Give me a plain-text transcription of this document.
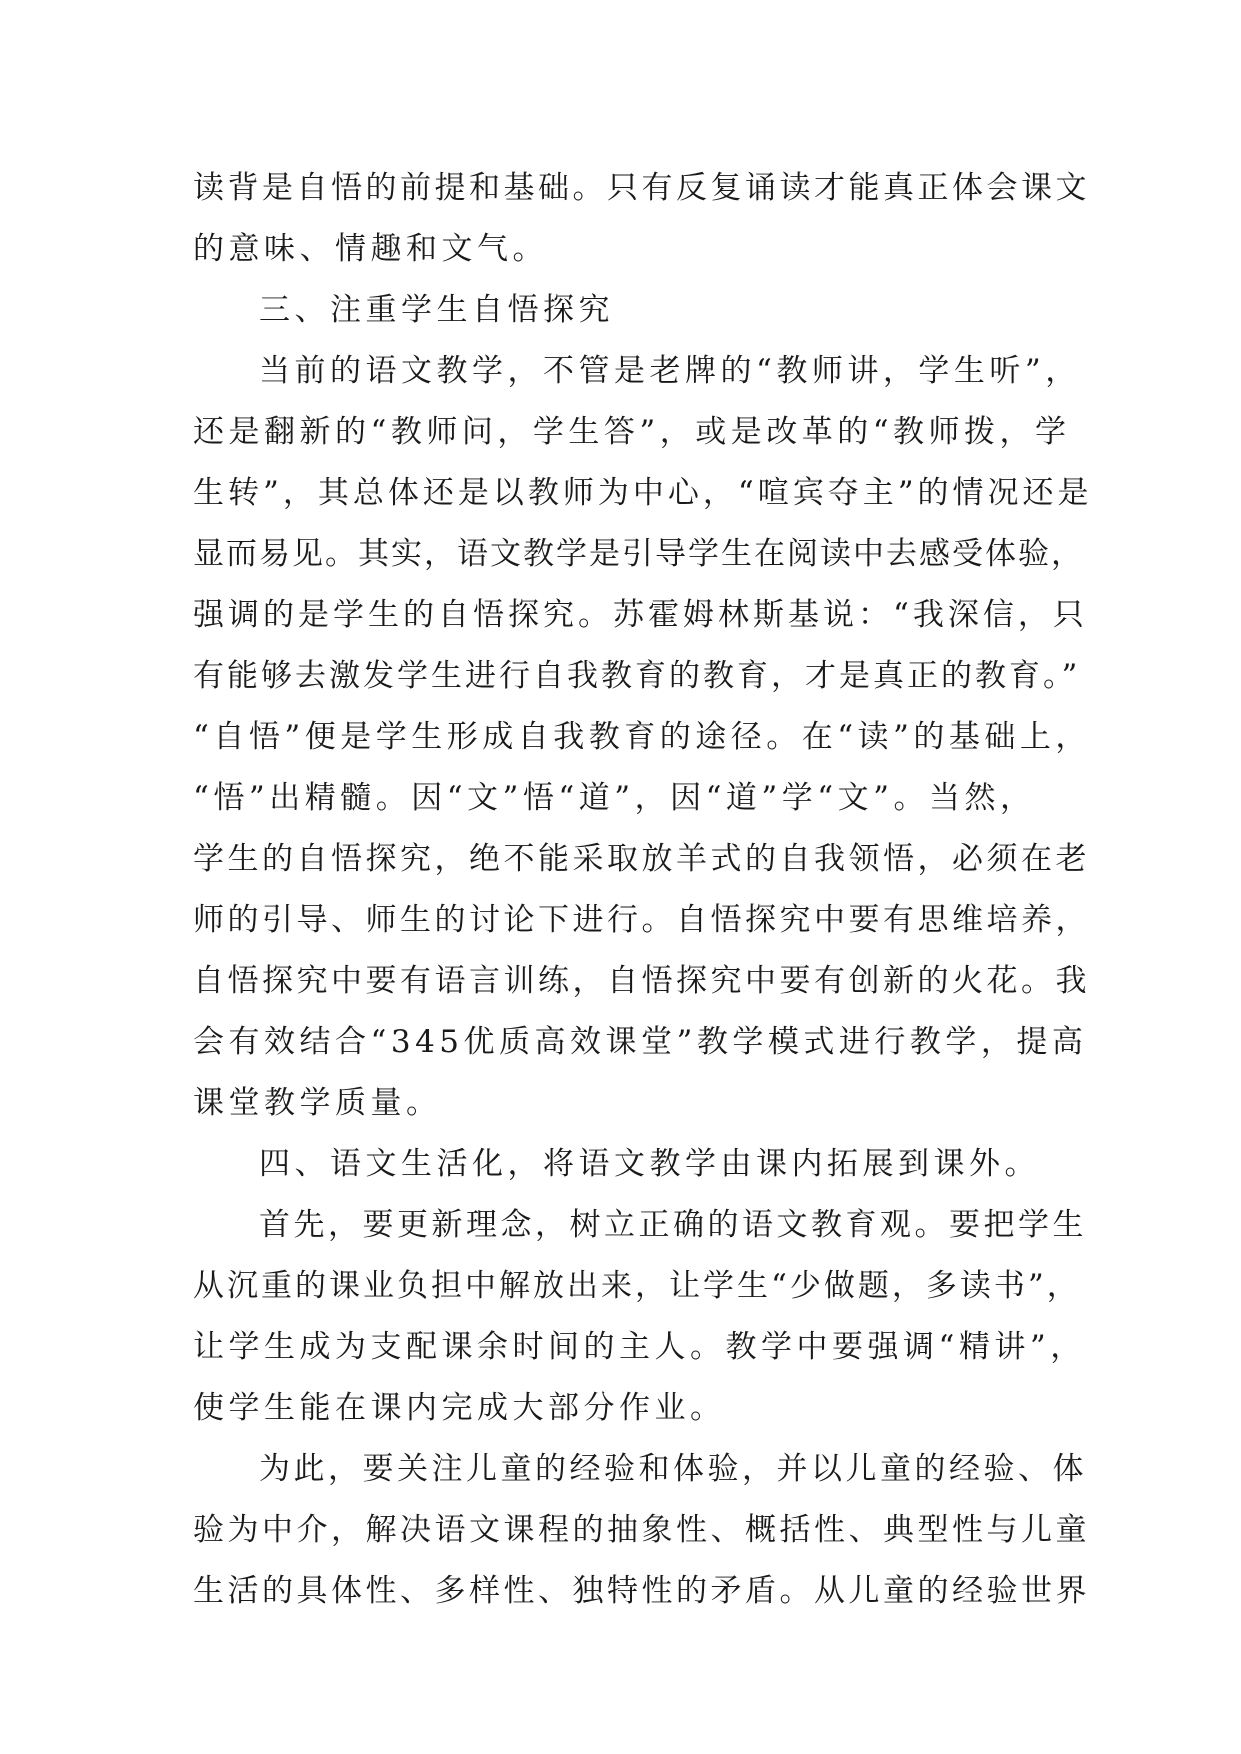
读背是自悟的前提和基础。只有反复诵读才能真正体会课文

的意味、情趣和文气。

三、注重学生自悟探究

当前的语文教学，不管是老牌的“教师讲，学生听”，

还是翻新的“教师问，学生答”，或是改革的“教师拨，学

生转”，其总体还是以教师为中心，“喧宾夺主”的情况还是

显而易见。其实，语文教学是引导学生在阅读中去感受体验，

强调的是学生的自悟探究。苏霍姆林斯基说：“我深信，只

有能够去激发学生进行自我教育的教育，才是真正的教育。”

“自悟”便是学生形成自我教育的途径。在“读”的基础上，

“悟”出精髓。因“文”悟“道”，因“道”学“文”。当然，

学生的自悟探究，绝不能采取放羊式的自我领悟，必须在老

师的引导、师生的讨论下进行。自悟探究中要有思维培养，

自悟探究中要有语言训练，自悟探究中要有创新的火花。我

会有效结合“345优质高效课堂”教学模式进行教学，提高

课堂教学质量。

四、语文生活化，将语文教学由课内拓展到课外。

首先，要更新理念，树立正确的语文教育观。要把学生

从沉重的课业负担中解放出来，让学生“少做题，多读书”，

让学生成为支配课余时间的主人。教学中要强调“精讲”，

使学生能在课内完成大部分作业。

为此，要关注儿童的经验和体验，并以儿童的经验、体

验为中介，解决语文课程的抽象性、概括性、典型性与儿童

生活的具体性、多样性、独特性的矛盾。从儿童的经验世界
